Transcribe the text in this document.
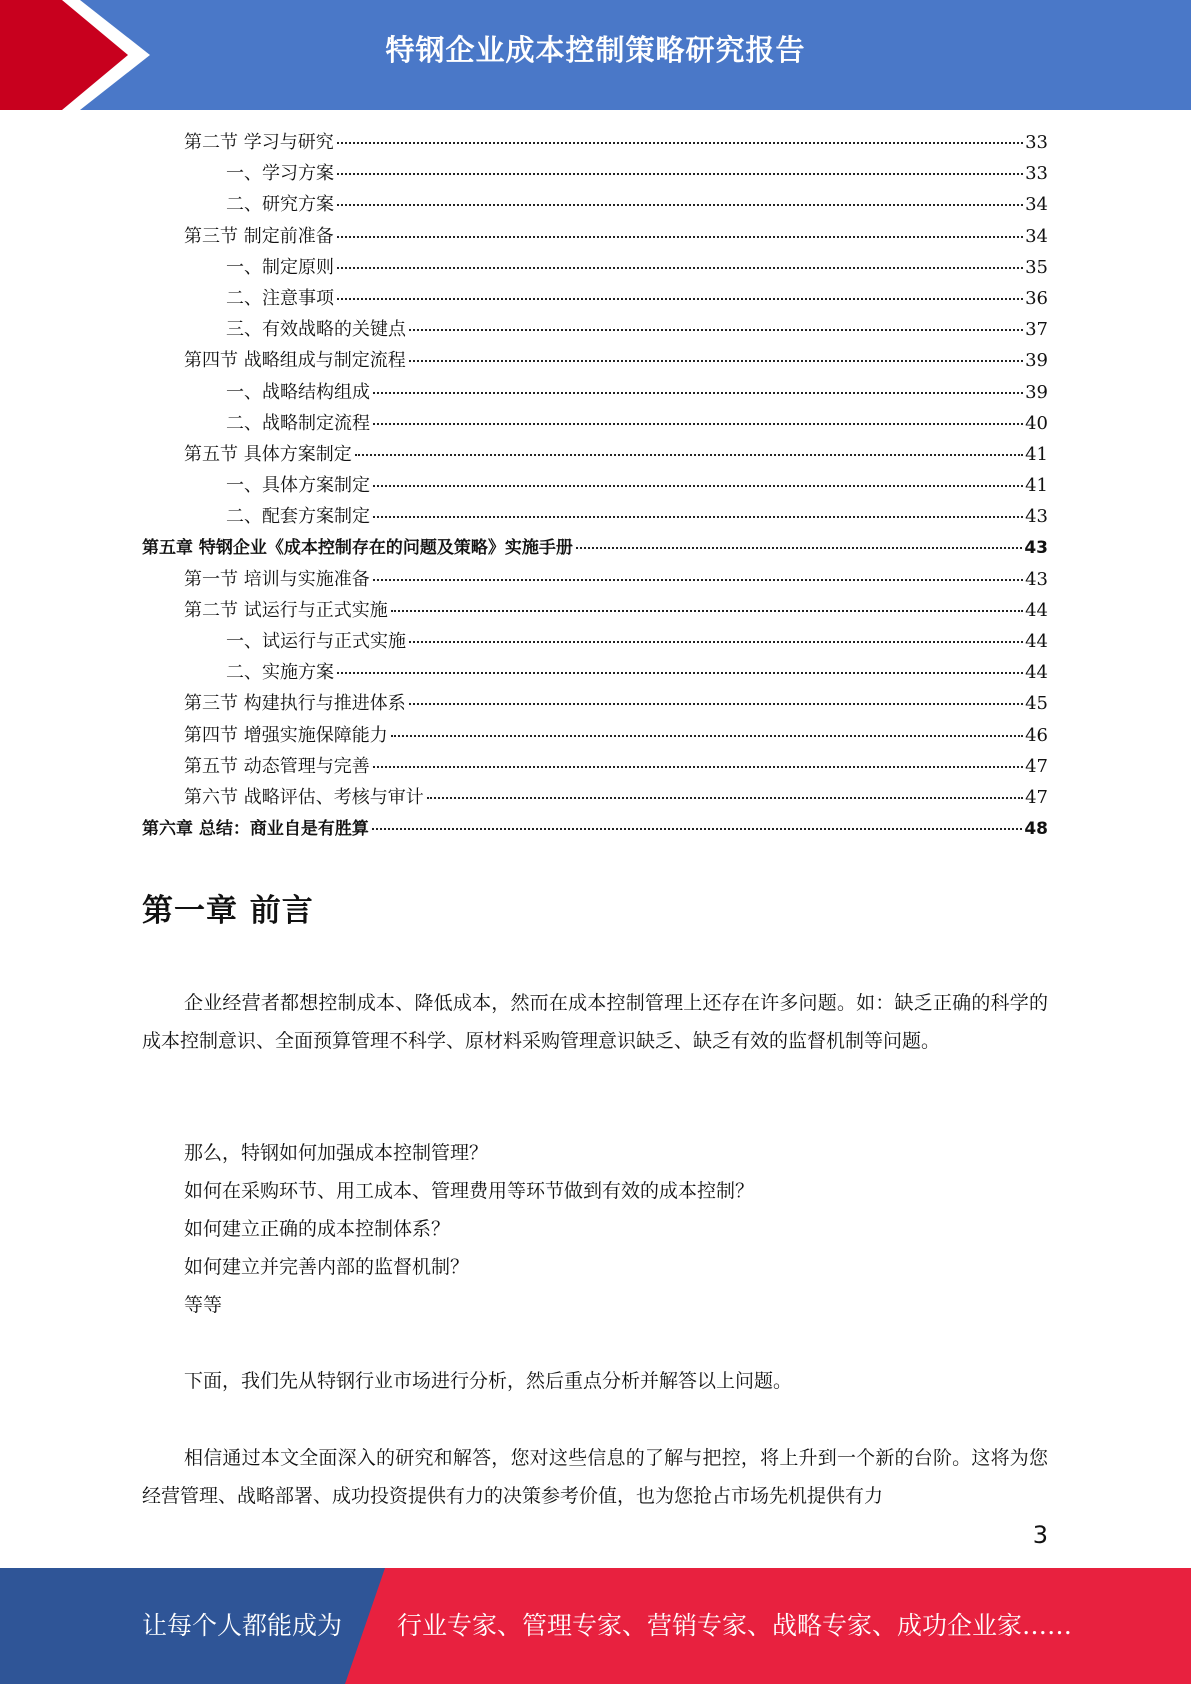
特钢企业成本控制策略研究报告
第二节 学习与研究	33
一、学习方案	33
二、研究方案	34
第三节 制定前准备	34
一、制定原则	35
二、注意事项	36
三、有效战略的关键点	37
第四节 战略组成与制定流程	39
一、战略结构组成	39
二、战略制定流程	40
第五节 具体方案制定	41
一、具体方案制定	41
二、配套方案制定	43
第五章 特钢企业《成本控制存在的问题及策略》实施手册	43
第一节 培训与实施准备	43
第二节 试运行与正式实施	44
一、试运行与正式实施	44
二、实施方案	44
第三节 构建执行与推进体系	45
第四节 增强实施保障能力	46
第五节 动态管理与完善	47
第六节 战略评估、考核与审计	47
第六章 总结：商业自是有胜算	48
第一章 前言
企业经营者都想控制成本、降低成本，然而在成本控制管理上还存在许多问题。如：缺乏正确的科学的成本控制意识、全面预算管理不科学、原材料采购管理意识缺乏、缺乏有效的监督机制等问题。
那么，特钢如何加强成本控制管理？
如何在采购环节、用工成本、管理费用等环节做到有效的成本控制？
如何建立正确的成本控制体系？
如何建立并完善内部的监督机制？
等等
下面，我们先从特钢行业市场进行分析，然后重点分析并解答以上问题。
相信通过本文全面深入的研究和解答，您对这些信息的了解与把控，将上升到一个新的台阶。这将为您经营管理、战略部署、成功投资提供有力的决策参考价值，也为您抢占市场先机提供有力
3
让每个人都能成为 行业专家、管理专家、营销专家、战略专家、成功企业家……
